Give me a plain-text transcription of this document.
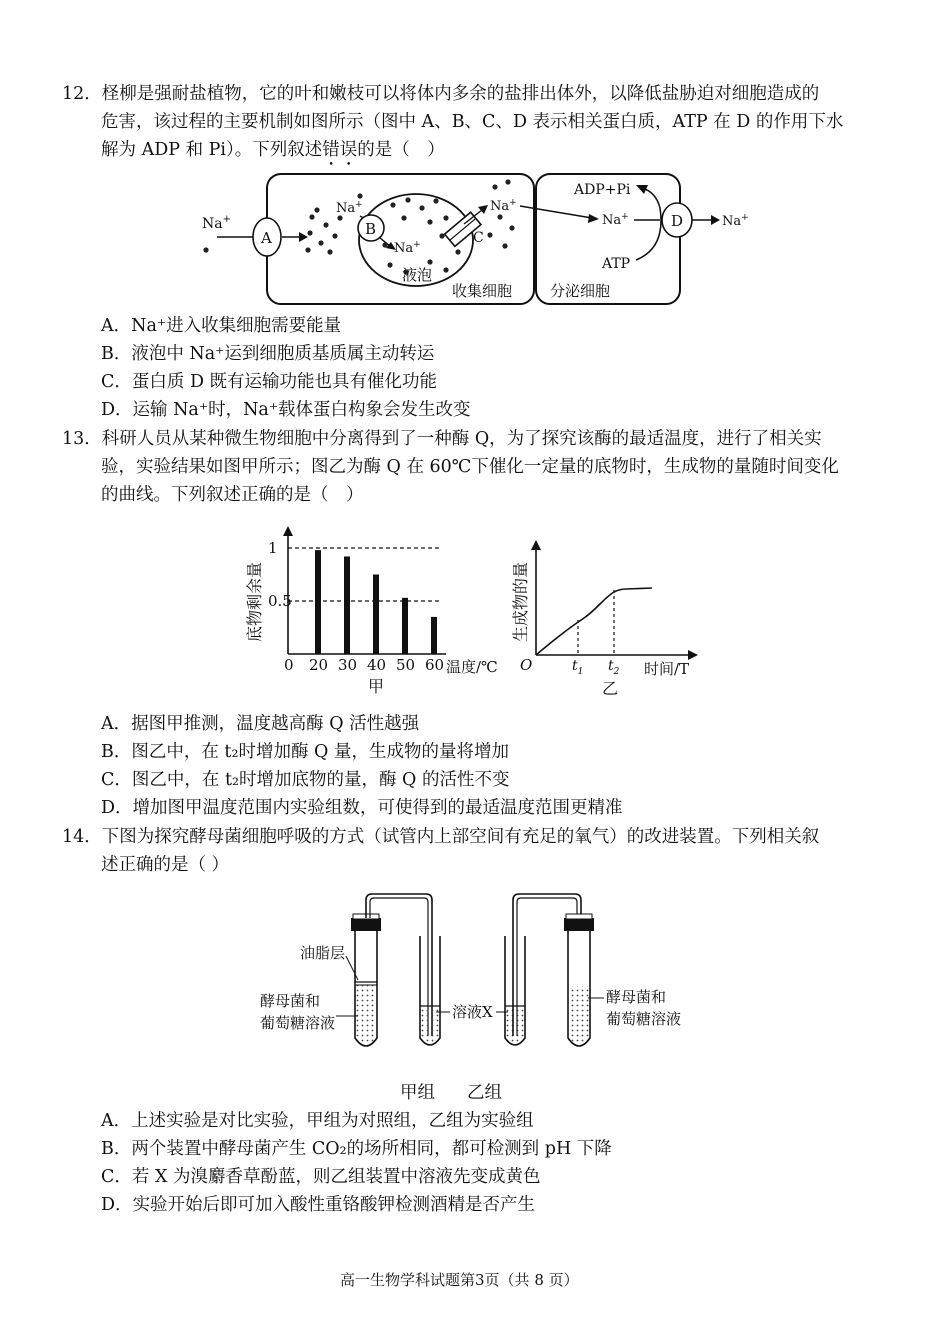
12．柽柳是强耐盐植物，它的叶和嫩枝可以将体内多余的盐排出体外，以降低盐胁迫对细胞造成的
危害，该过程的主要机制如图所示（图中 A、B、C、D 表示相关蛋白质，ATP 在 D 的作用下水
解为 ADP 和 Pi）。下列叙述错误的是（　）
Na+
A
Na+
B
Na+
液泡
C
Na+
Na+	D	Na+
ADP+Pi
ATP
收集细胞	分泌细胞
A．Na⁺进入收集细胞需要能量
B．液泡中 Na⁺运到细胞质基质属主动转运
C．蛋白质 D 既有运输功能也具有催化功能
D．运输 Na⁺时，Na⁺载体蛋白构象会发生改变
13．科研人员从某种微生物细胞中分离得到了一种酶 Q，为了探究该酶的最适温度，进行了相关实
验，实验结果如图甲所示；图乙为酶 Q 在 60℃下催化一定量的底物时，生成物的量随时间变化
的曲线。下列叙述正确的是（　）
底物剩余量
0
1
0.5
20 30 40 50 60 温度/℃
甲
生成物的量
O	$t_1$ $t_2$ 时间/T
乙
A．据图甲推测，温度越高酶 Q 活性越强
B．图乙中，在 t₂时增加酶 Q 量，生成物的量将增加
C．图乙中，在 t₂时增加底物的量，酶 Q 的活性不变
D．增加图甲温度范围内实验组数，可使得到的最适温度范围更精准
14．下图为探究酵母菌细胞呼吸的方式（试管内上部空间有充足的氧气）的改进装置。下列相关叙
述正确的是（ ）
油脂层
酵母菌和
葡萄糖溶液
溶液X
酵母菌和
葡萄糖溶液
甲组 乙组
A．上述实验是对比实验，甲组为对照组，乙组为实验组
B．两个装置中酵母菌产生 CO₂的场所相同，都可检测到 pH 下降
C．若 X 为溴麝香草酚蓝，则乙组装置中溶液先变成黄色
D．实验开始后即可加入酸性重铬酸钾检测酒精是否产生
高一生物学科试题第3页（共 8 页）
